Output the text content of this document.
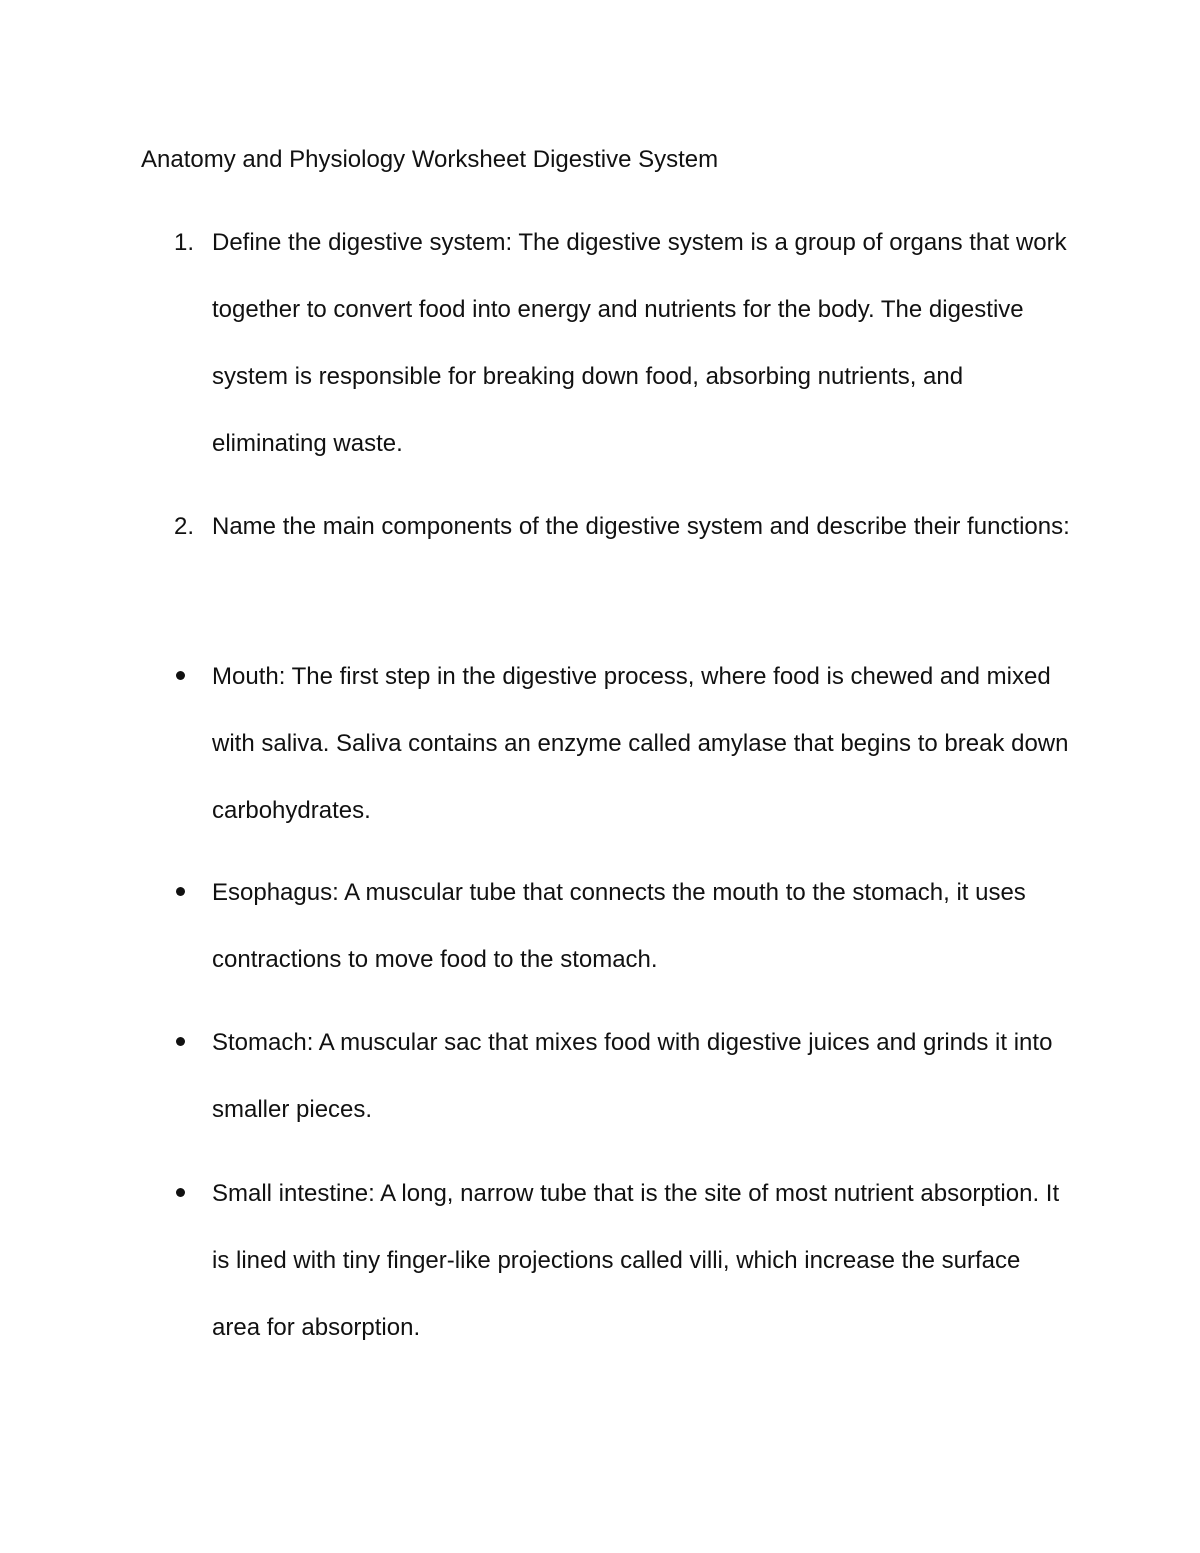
Anatomy and Physiology Worksheet Digestive System
1. Define the digestive system: The digestive system is a group of organs that work together to convert food into energy and nutrients for the body. The digestive system is responsible for breaking down food, absorbing nutrients, and eliminating waste.
2. Name the main components of the digestive system and describe their functions:
Mouth: The first step in the digestive process, where food is chewed and mixed with saliva. Saliva contains an enzyme called amylase that begins to break down carbohydrates.
Esophagus: A muscular tube that connects the mouth to the stomach, it uses contractions to move food to the stomach.
Stomach: A muscular sac that mixes food with digestive juices and grinds it into smaller pieces.
Small intestine: A long, narrow tube that is the site of most nutrient absorption. It is lined with tiny finger-like projections called villi, which increase the surface area for absorption.
